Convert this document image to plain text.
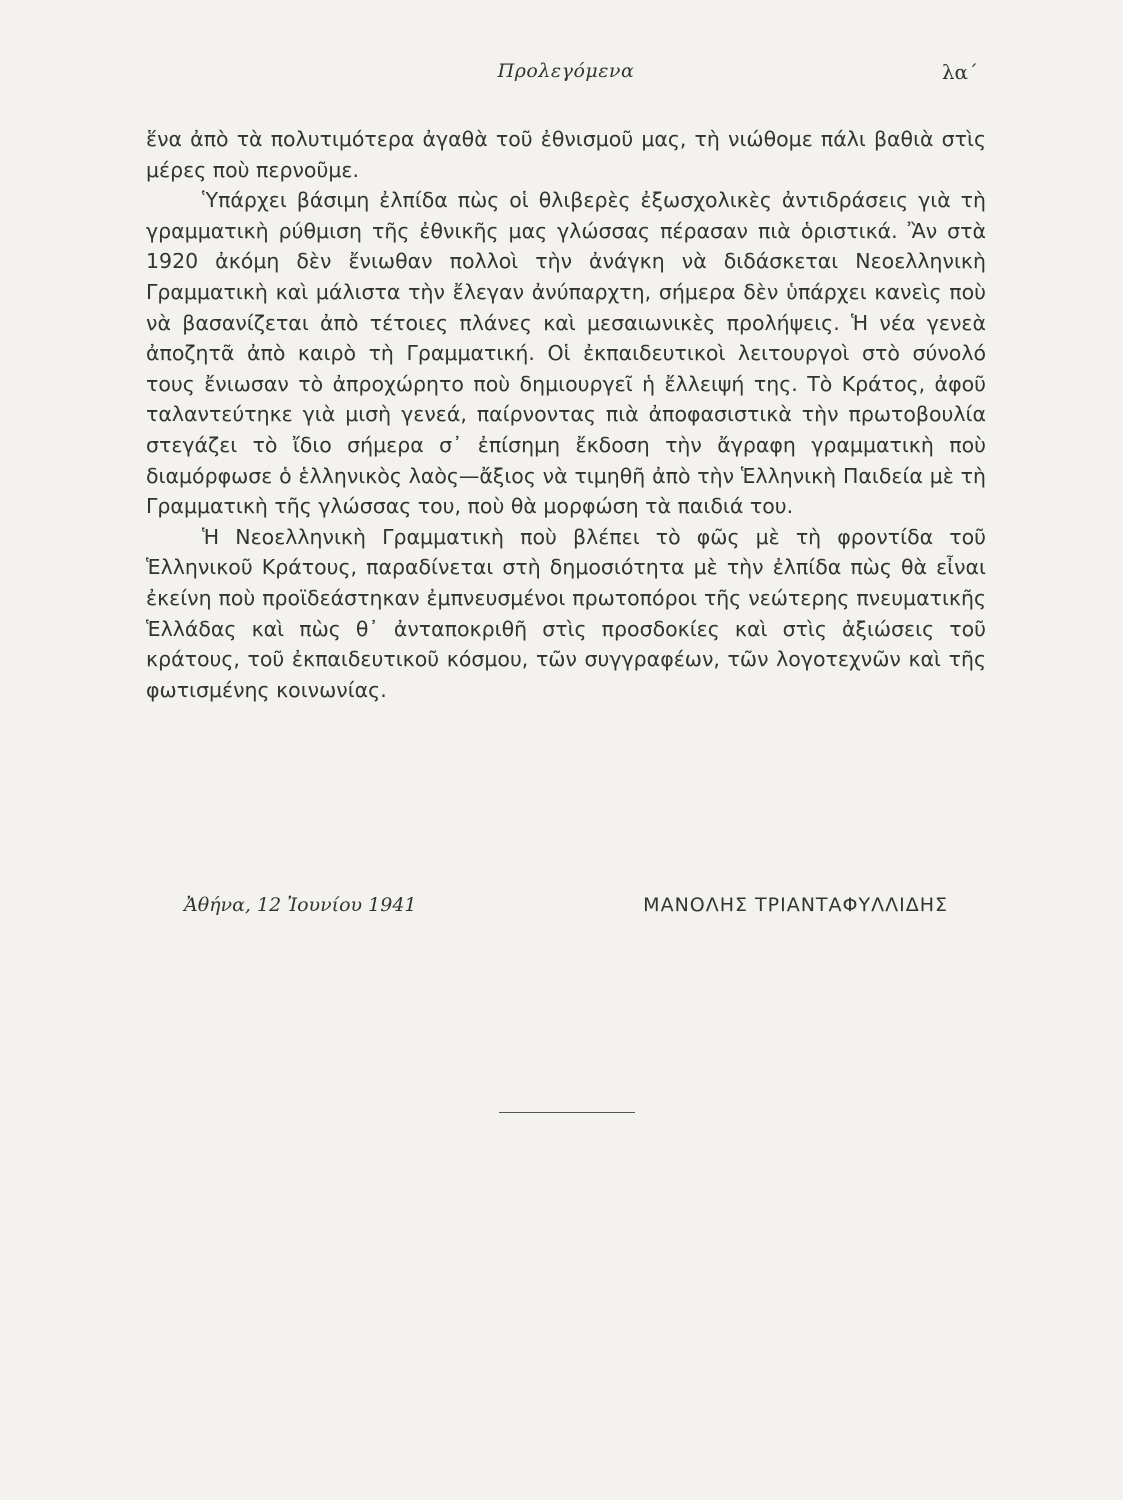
Προλεγόμενα	λα΄

ἕνα ἀπὸ τὰ πολυτιμότερα ἀγαθὰ τοῦ ἐθνισμοῦ μας, τὴ νιώθομε πάλι βαθιὰ στὶς μέρες ποὺ περνοῦμε.

Ὑπάρχει βάσιμη ἐλπίδα πὼς οἱ θλιβερὲς ἐξωσχολικὲς ἀντιδράσεις γιὰ τὴ γραμματικὴ ρύθμιση τῆς ἐθνικῆς μας γλώσσας πέρασαν πιὰ ὁριστικά. Ἂν στὰ 1920 ἀκόμη δὲν ἔνιωθαν πολλοὶ τὴν ἀνάγκη νὰ διδάσκεται Νεοελληνικὴ Γραμματικὴ καὶ μάλιστα τὴν ἔλεγαν ἀνύπαρχτη, σήμερα δὲν ὑπάρχει κανεὶς ποὺ νὰ βασανίζεται ἀπὸ τέτοιες πλάνες καὶ μεσαιωνικὲς προλήψεις. Ἡ νέα γενεὰ ἀποζητᾶ ἀπὸ καιρὸ τὴ Γραμματική. Οἱ ἐκπαιδευτικοὶ λειτουργοὶ στὸ σύνολό τους ἔνιωσαν τὸ ἀπροχώρητο ποὺ δημιουργεῖ ἡ ἔλλειψή της. Τὸ Κράτος, ἀφοῦ ταλαντεύτηκε γιὰ μισὴ γενεά, παίρνοντας πιὰ ἀποφασιστικὰ τὴν πρωτοβουλία στεγάζει τὸ ἴδιο σήμερα σ᾿ ἐπίσημη ἔκδοση τὴν ἄγραφη γραμματικὴ ποὺ διαμόρφωσε ὁ ἑλληνικὸς λαὸς—ἄξιος νὰ τιμηθῆ ἀπὸ τὴν Ἑλληνικὴ Παιδεία μὲ τὴ Γραμματικὴ τῆς γλώσσας του, ποὺ θὰ μορφώση τὰ παιδιά του.

Ἡ Νεοελληνικὴ Γραμματικὴ ποὺ βλέπει τὸ φῶς μὲ τὴ φροντίδα τοῦ Ἑλληνικοῦ Κράτους, παραδίνεται στὴ δημοσιότητα μὲ τὴν ἐλπίδα πὼς θὰ εἶναι ἐκείνη ποὺ προϊδεάστηκαν ἐμπνευσμένοι πρωτοπόροι τῆς νεώτερης πνευματικῆς Ἑλλάδας καὶ πὼς θ᾿ ἀνταποκριθῆ στὶς προσδοκίες καὶ στὶς ἀξιώσεις τοῦ κράτους, τοῦ ἐκπαιδευτικοῦ κόσμου, τῶν συγγραφέων, τῶν λογοτεχνῶν καὶ τῆς φωτισμένης κοινωνίας.

Ἀθήνα, 12 Ἰουνίου 1941	ΜΑΝΟΛΗΣ ΤΡΙΑΝΤΑΦΥΛΛΙΔΗΣ
